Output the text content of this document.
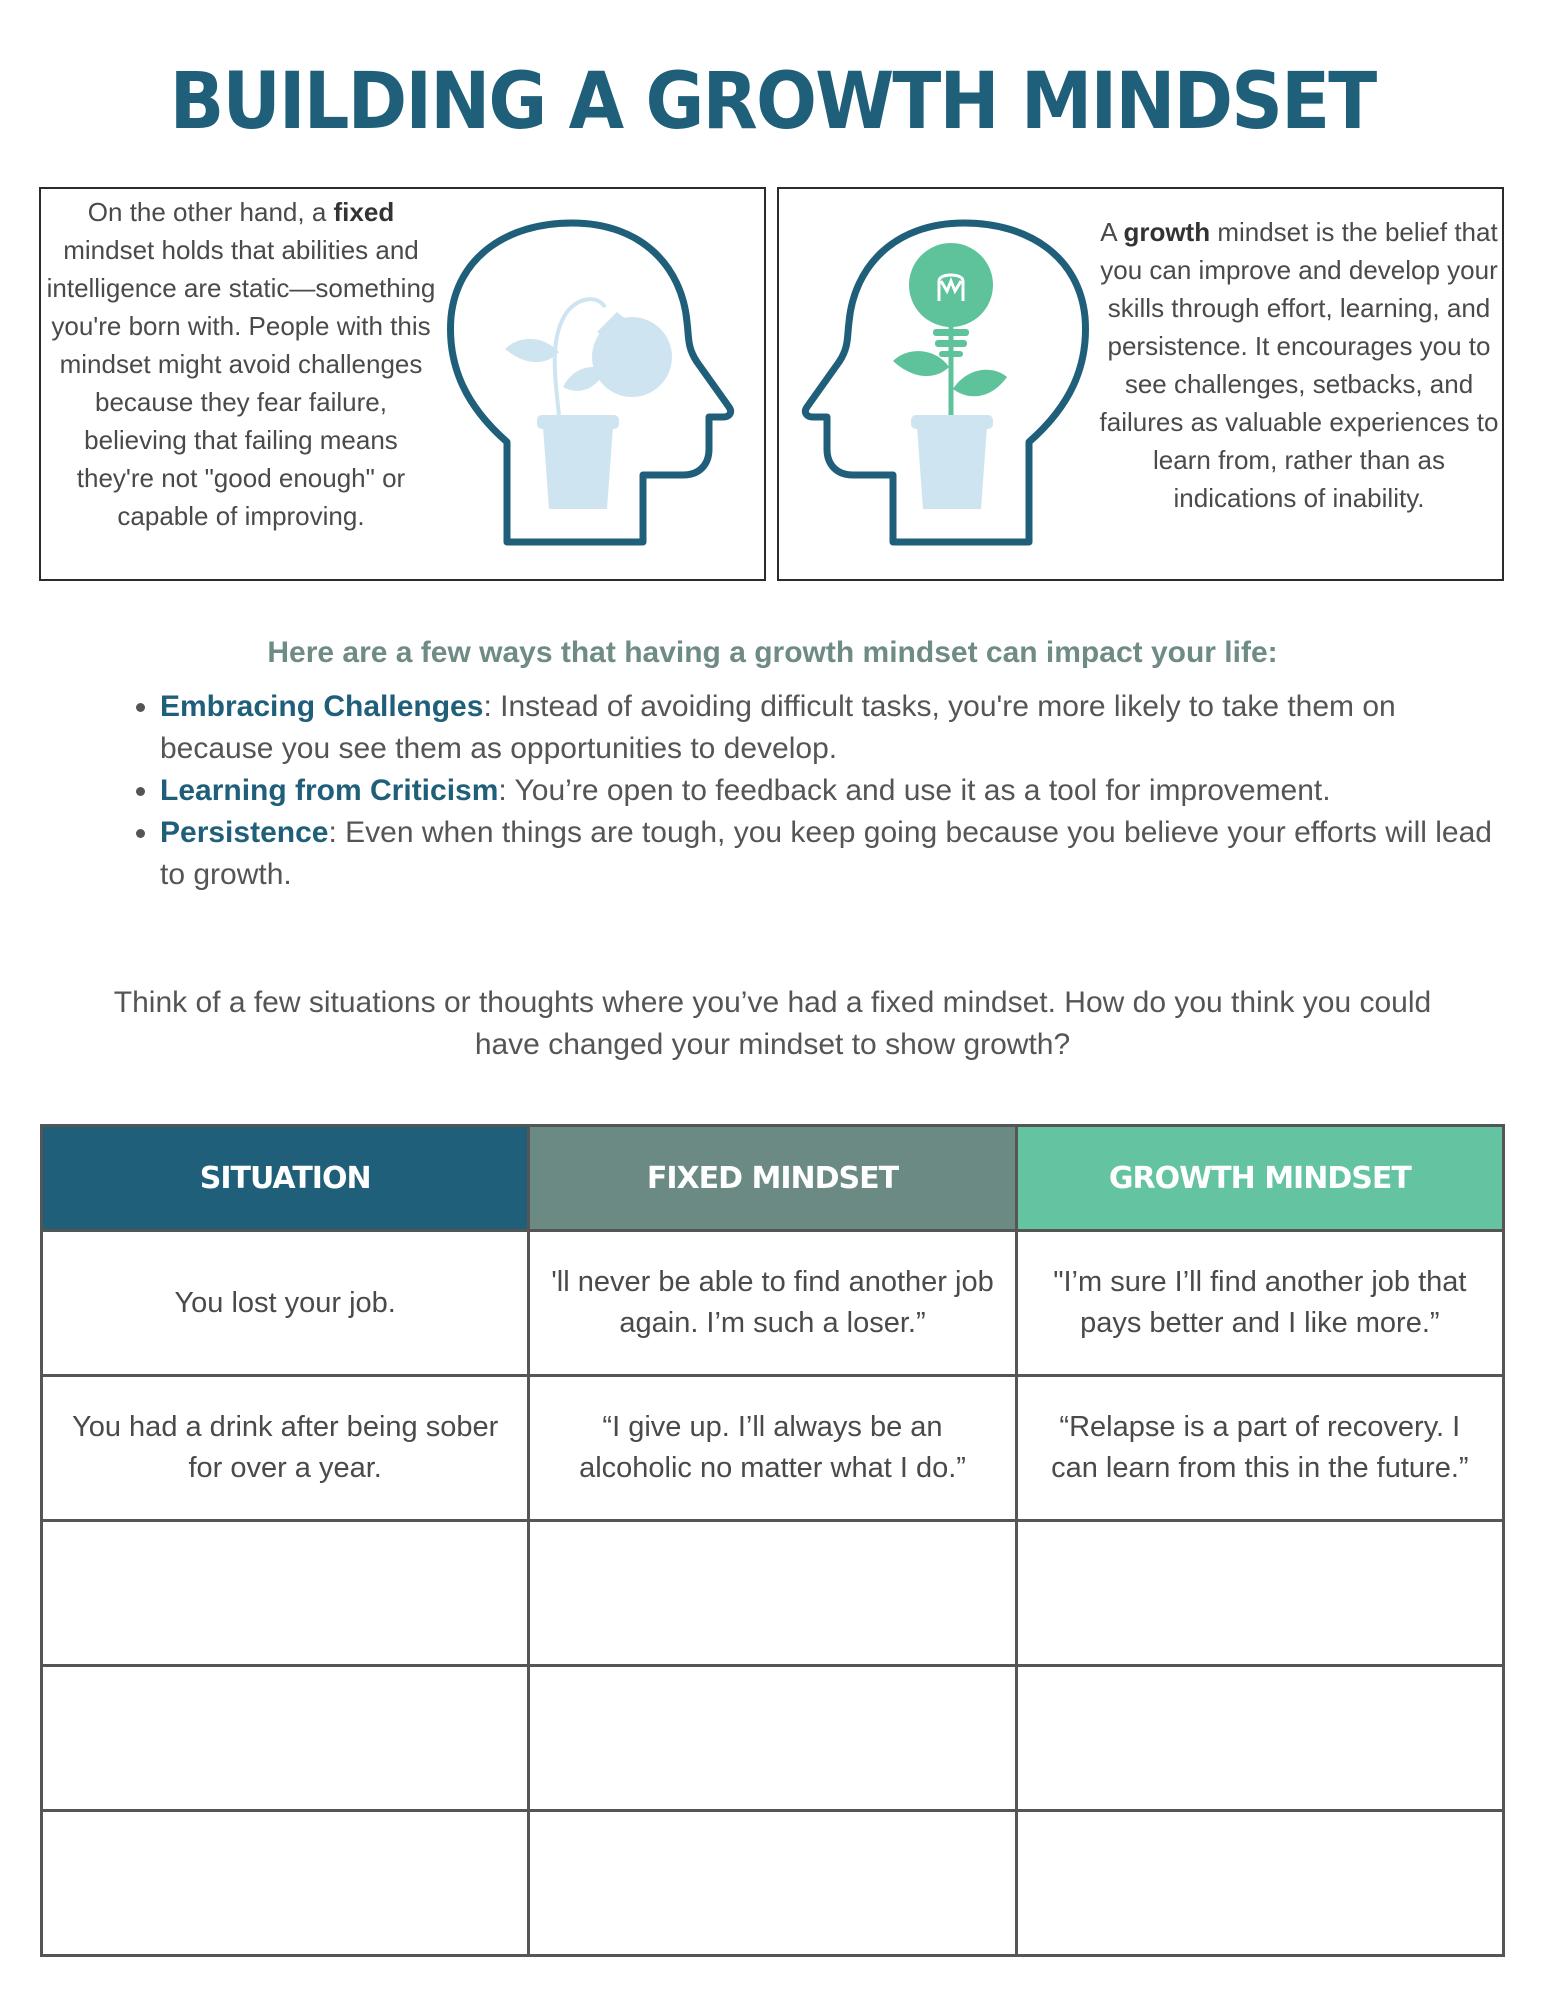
BUILDING A GROWTH MINDSET
On the other hand, a fixed mindset holds that abilities and intelligence are static—something you're born with. People with this mindset might avoid challenges because they fear failure, believing that failing means they're not "good enough" or capable of improving.
A growth mindset is the belief that you can improve and develop your skills through effort, learning, and persistence. It encourages you to see challenges, setbacks, and failures as valuable experiences to learn from, rather than as indications of inability.
Here are a few ways that having a growth mindset can impact your life:
• Embracing Challenges: Instead of avoiding difficult tasks, you're more likely to take them on because you see them as opportunities to develop.
• Learning from Criticism: You’re open to feedback and use it as a tool for improvement.
• Persistence: Even when things are tough, you keep going because you believe your efforts will lead to growth.
Think of a few situations or thoughts where you’ve had a fixed mindset. How do you think you could have changed your mindset to show growth?
SITUATION	FIXED MINDSET	GROWTH MINDSET
You lost your job.	'll never be able to find another job again. I’m such a loser.”	"I’m sure I’ll find another job that pays better and I like more.”
You had a drink after being sober for over a year.	“I give up. I’ll always be an alcoholic no matter what I do.”	“Relapse is a part of recovery. I can learn from this in the future.”
